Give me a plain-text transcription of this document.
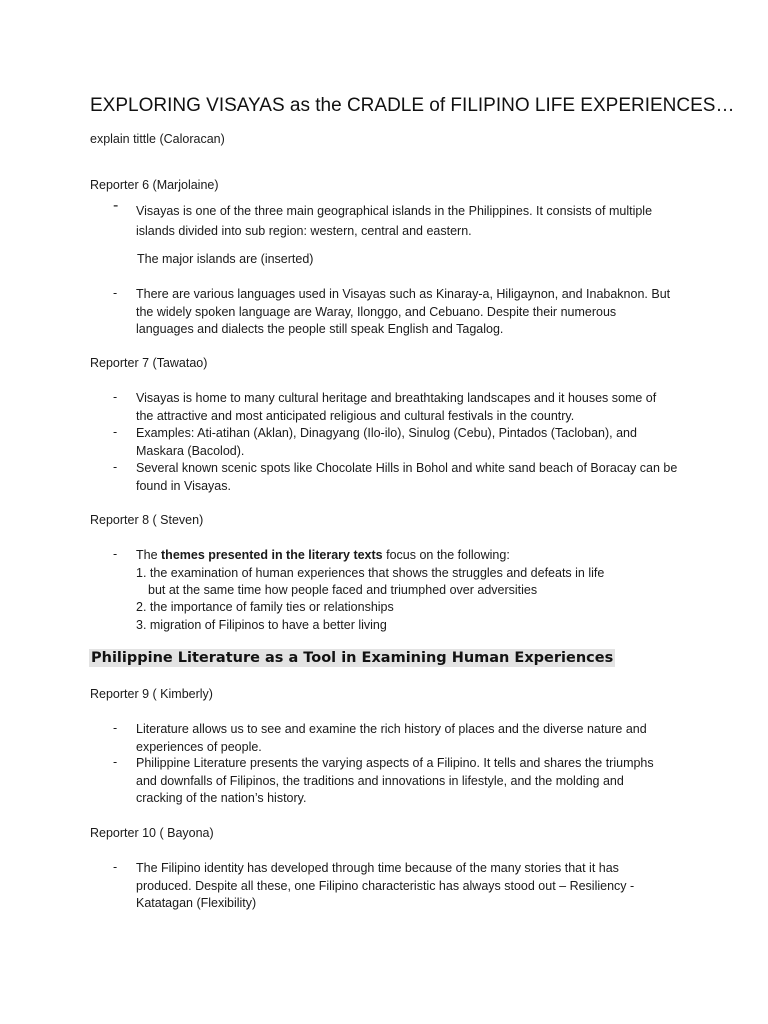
EXPLORING VISAYAS as the CRADLE of FILIPINO LIFE EXPERIENCES…
explain tittle (Caloracan)
Reporter 6 (Marjolaine)
- Visayas is one of the three main geographical islands in the Philippines. It consists of multiple
islands divided into sub region: western, central and eastern.
The major islands are (inserted)
- There are various languages used in Visayas such as Kinaray-a, Hiligaynon, and Inabaknon. But
the widely spoken language are Waray, Ilonggo, and Cebuano. Despite their numerous
languages and dialects the people still speak English and Tagalog.
Reporter 7 (Tawatao)
- Visayas is home to many cultural heritage and breathtaking landscapes and it houses some of
the attractive and most anticipated religious and cultural festivals in the country.
- Examples: Ati-atihan (Aklan), Dinagyang (Ilo-ilo), Sinulog (Cebu), Pintados (Tacloban), and
Maskara (Bacolod).
- Several known scenic spots like Chocolate Hills in Bohol and white sand beach of Boracay can be
found in Visayas.
Reporter 8 ( Steven)
- The themes presented in the literary texts focus on the following:
1. the examination of human experiences that shows the struggles and defeats in life
but at the same time how people faced and triumphed over adversities
2. the importance of family ties or relationships
3. migration of Filipinos to have a better living
Philippine Literature as a Tool in Examining Human Experiences
Reporter 9 ( Kimberly)
- Literature allows us to see and examine the rich history of places and the diverse nature and
experiences of people.
- Philippine Literature presents the varying aspects of a Filipino. It tells and shares the triumphs
and downfalls of Filipinos, the traditions and innovations in lifestyle, and the molding and
cracking of the nation’s history.
Reporter 10 ( Bayona)
- The Filipino identity has developed through time because of the many stories that it has
produced. Despite all these, one Filipino characteristic has always stood out – Resiliency -
Katatagan (Flexibility)
